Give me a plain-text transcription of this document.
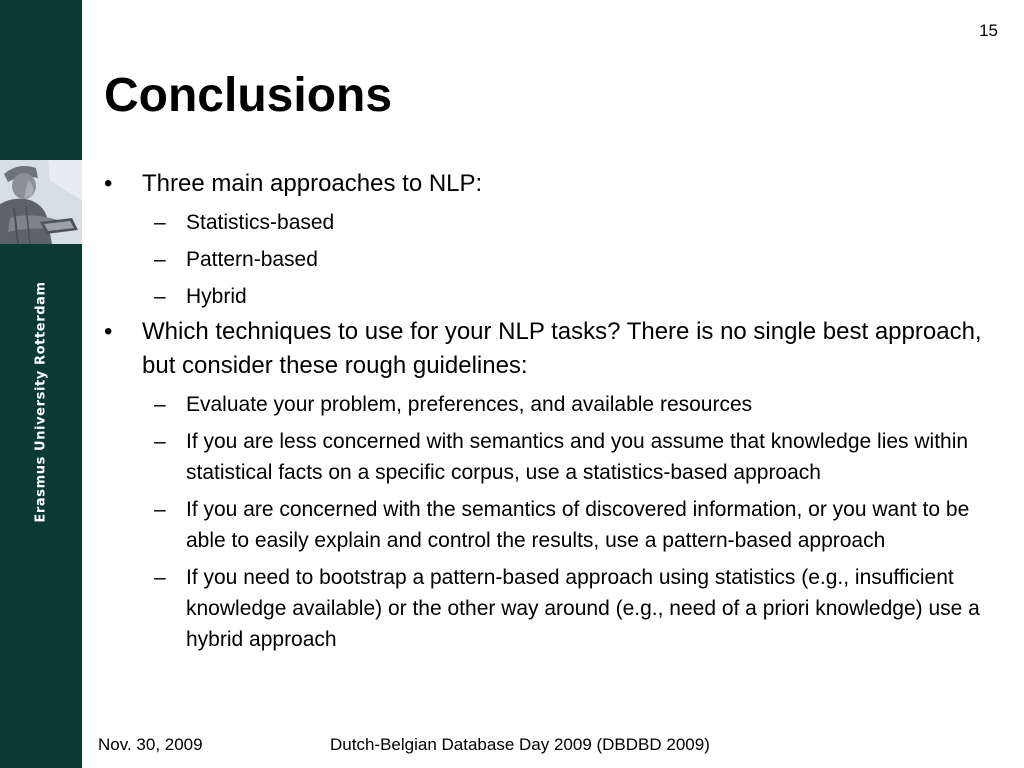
Erasmus University Rotterdam
15
Conclusions
• Three main approaches to NLP:
– Statistics-based
– Pattern-based
– Hybrid
• Which techniques to use for your NLP tasks? There is no single best approach, but consider these rough guidelines:
– Evaluate your problem, preferences, and available resources
– If you are less concerned with semantics and you assume that knowledge lies within statistical facts on a specific corpus, use a statistics-based approach
– If you are concerned with the semantics of discovered information, or you want to be able to easily explain and control the results, use a pattern-based approach
– If you need to bootstrap a pattern-based approach using statistics (e.g., insufficient knowledge available) or the other way around (e.g., need of a priori knowledge) use a hybrid approach
Nov. 30, 2009	Dutch-Belgian Database Day 2009 (DBDBD 2009)
